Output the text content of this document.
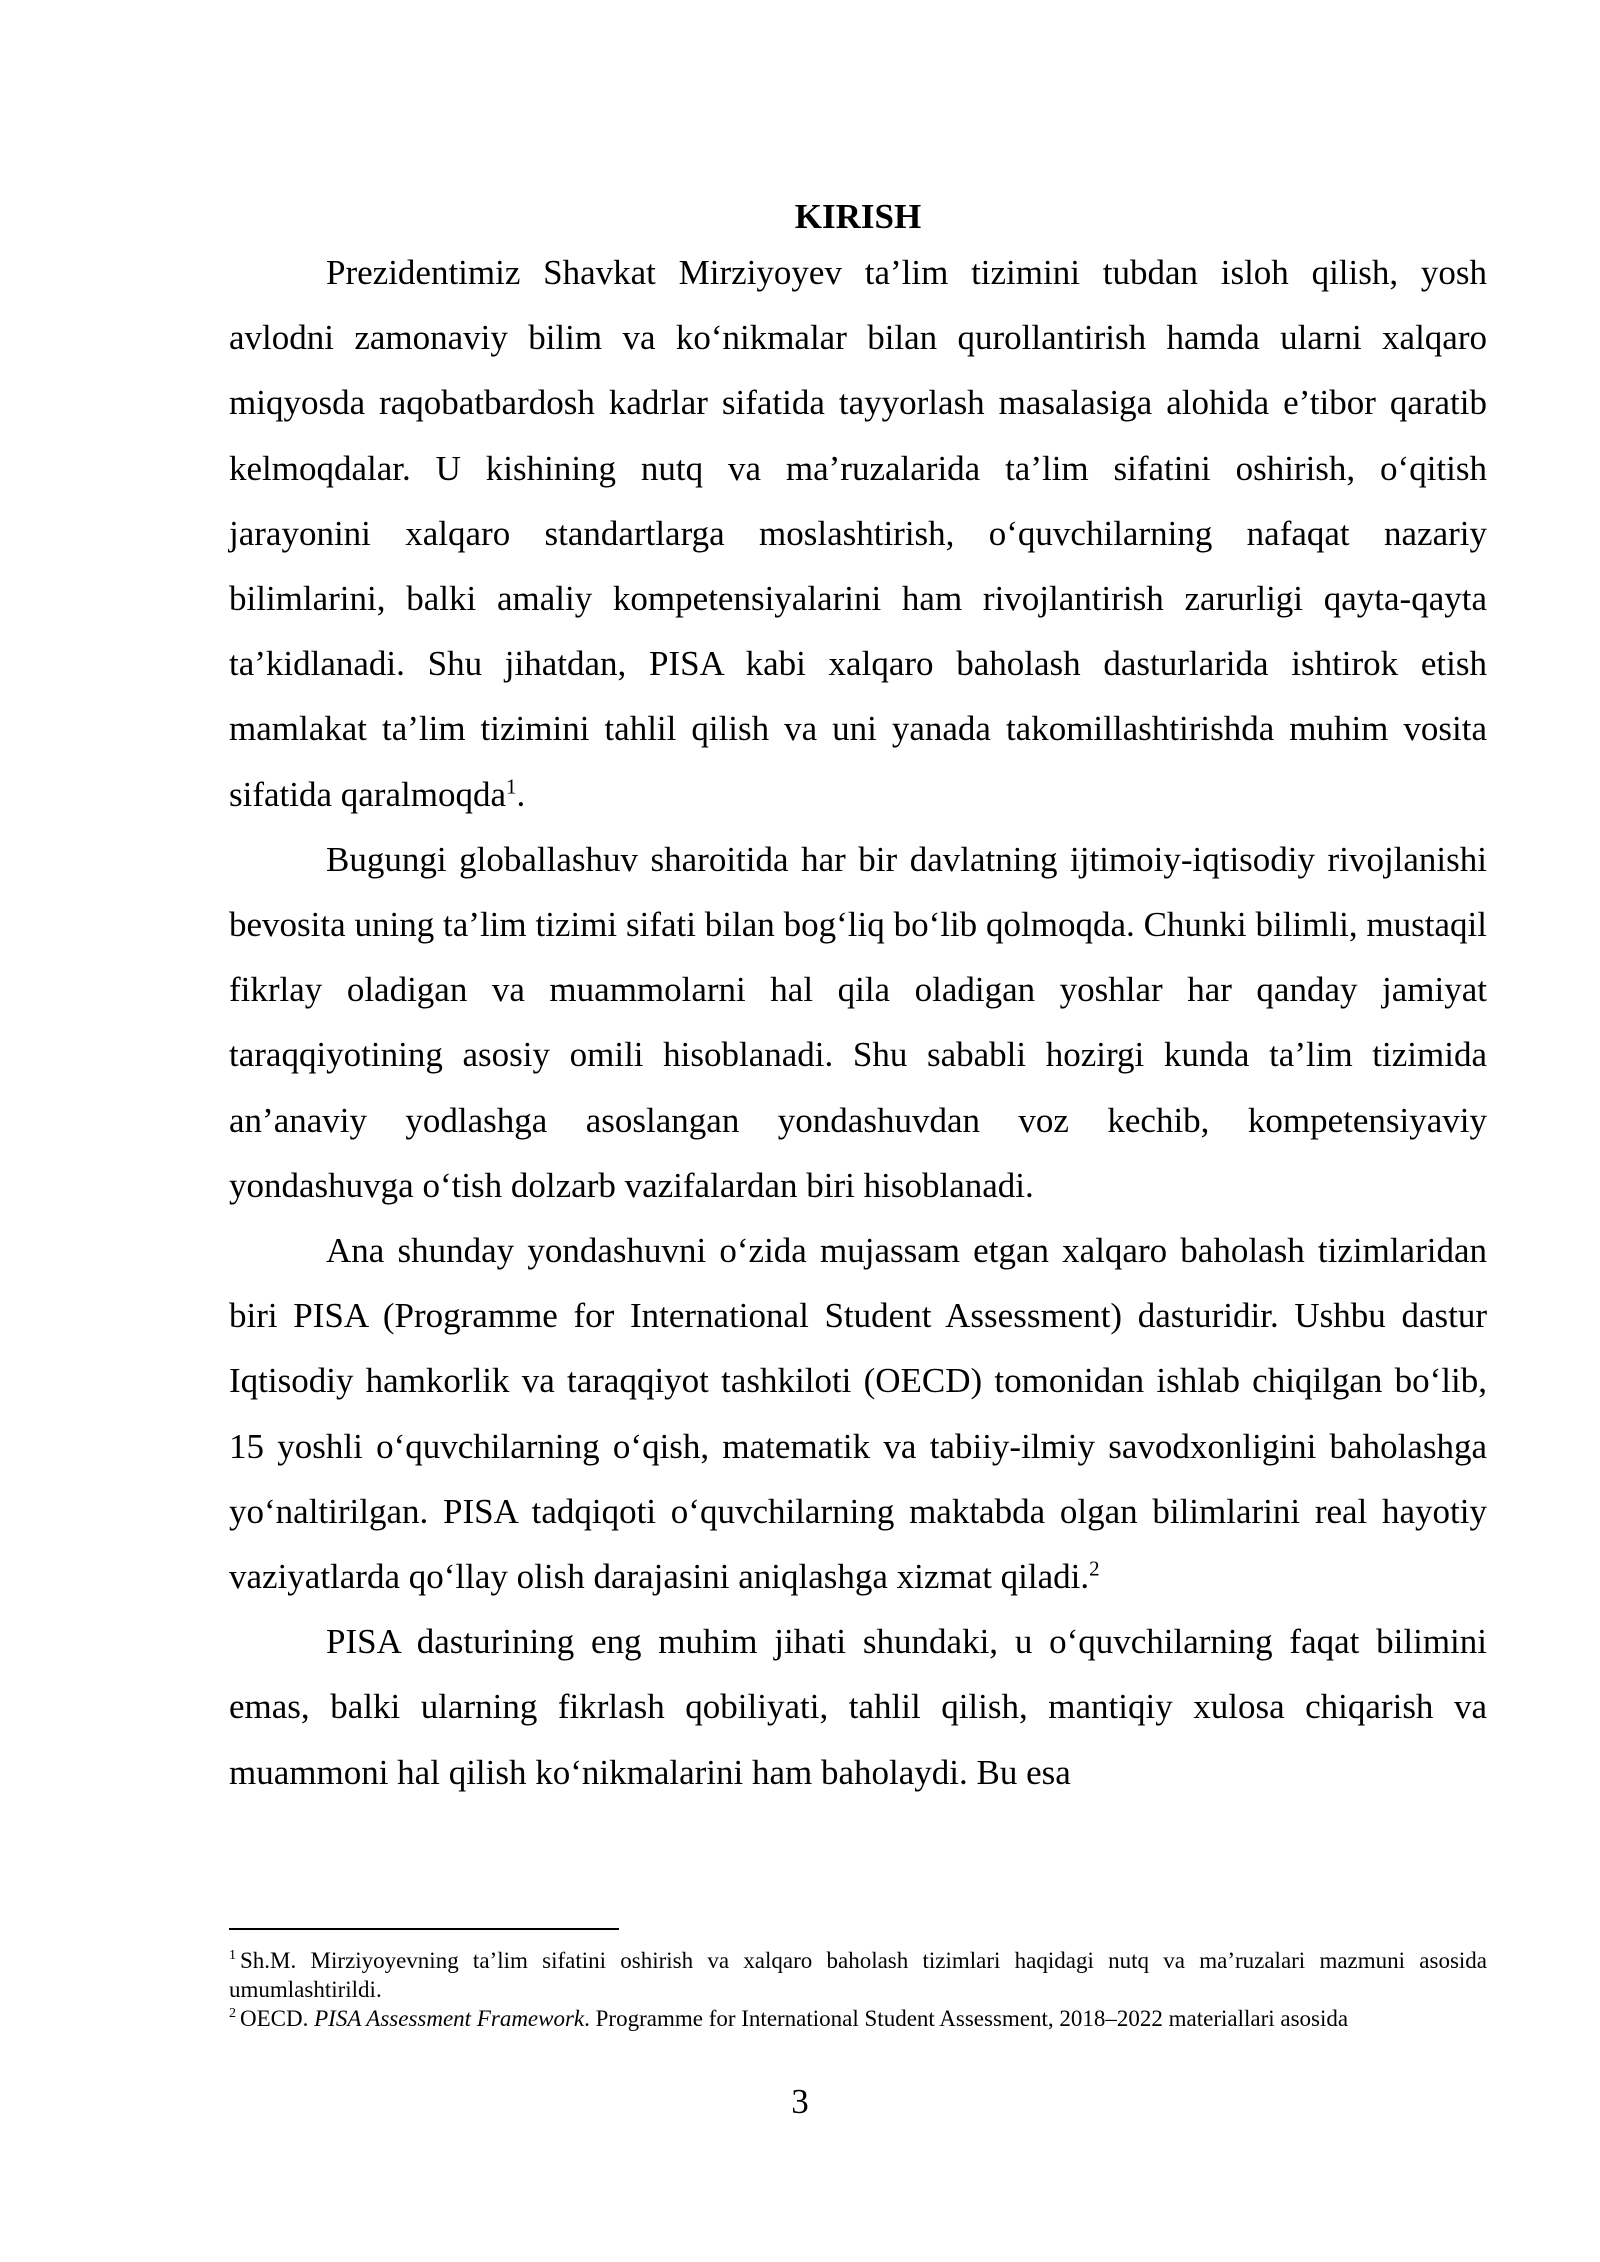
KIRISH

Prezidentimiz Shavkat Mirziyoyev ta’lim tizimini tubdan isloh qilish, yosh avlodni zamonaviy bilim va ko‘nikmalar bilan qurollantirish hamda ularni xalqaro miqyosda raqobatbardosh kadrlar sifatida tayyorlash masalasiga alohida e’tibor qaratib kelmoqdalar. U kishining nutq va ma’ruzalarida ta’lim sifatini oshirish, o‘qitish jarayonini xalqaro standartlarga moslashtirish, o‘quvchilarning nafaqat nazariy bilimlarini, balki amaliy kompetensiyalarini ham rivojlantirish zarurligi qayta-qayta ta’kidlanadi. Shu jihatdan, PISA kabi xalqaro baholash dasturlarida ishtirok etish mamlakat ta’lim tizimini tahlil qilish va uni yanada takomillashtirishda muhim vosita sifatida qaralmoqda$^1$.

Bugungi globallashuv sharoitida har bir davlatning ijtimoiy-iqtisodiy rivojlanishi bevosita uning ta’lim tizimi sifati bilan bog‘liq bo‘lib qolmoqda. Chunki bilimli, mustaqil fikrlay oladigan va muammolarni hal qila oladigan yoshlar har qanday jamiyat taraqqiyotining asosiy omili hisoblanadi. Shu sababli hozirgi kunda ta’lim tizimida an’anaviy yodlashga asoslangan yondashuvdan voz kechib, kompetensiyaviy yondashuvga o‘tish dolzarb vazifalardan biri hisoblanadi.

Ana shunday yondashuvni o‘zida mujassam etgan xalqaro baholash tizimlaridan biri PISA (Programme for International Student Assessment) dasturidir. Ushbu dastur Iqtisodiy hamkorlik va taraqqiyot tashkiloti (OECD) tomonidan ishlab chiqilgan bo‘lib, 15 yoshli o‘quvchilarning o‘qish, matematik va tabiiy-ilmiy savodxonligini baholashga yo‘naltirilgan. PISA tadqiqoti o‘quvchilarning maktabda olgan bilimlarini real hayotiy vaziyatlarda qo‘llay olish darajasini aniqlashga xizmat qiladi.$^2$

PISA dasturining eng muhim jihati shundaki, u o‘quvchilarning faqat bilimini emas, balki ularning fikrlash qobiliyati, tahlil qilish, mantiqiy xulosa chiqarish va muammoni hal qilish ko‘nikmalarini ham baholaydi. Bu esa

$^1$ Sh.M. Mirziyoyevning ta’lim sifatini oshirish va xalqaro baholash tizimlari haqidagi nutq va ma’ruzalari mazmuni asosida umumlashtirildi.

$^2$ OECD. PISA Assessment Framework. Programme for International Student Assessment, 2018–2022 materiallari asosida

3
